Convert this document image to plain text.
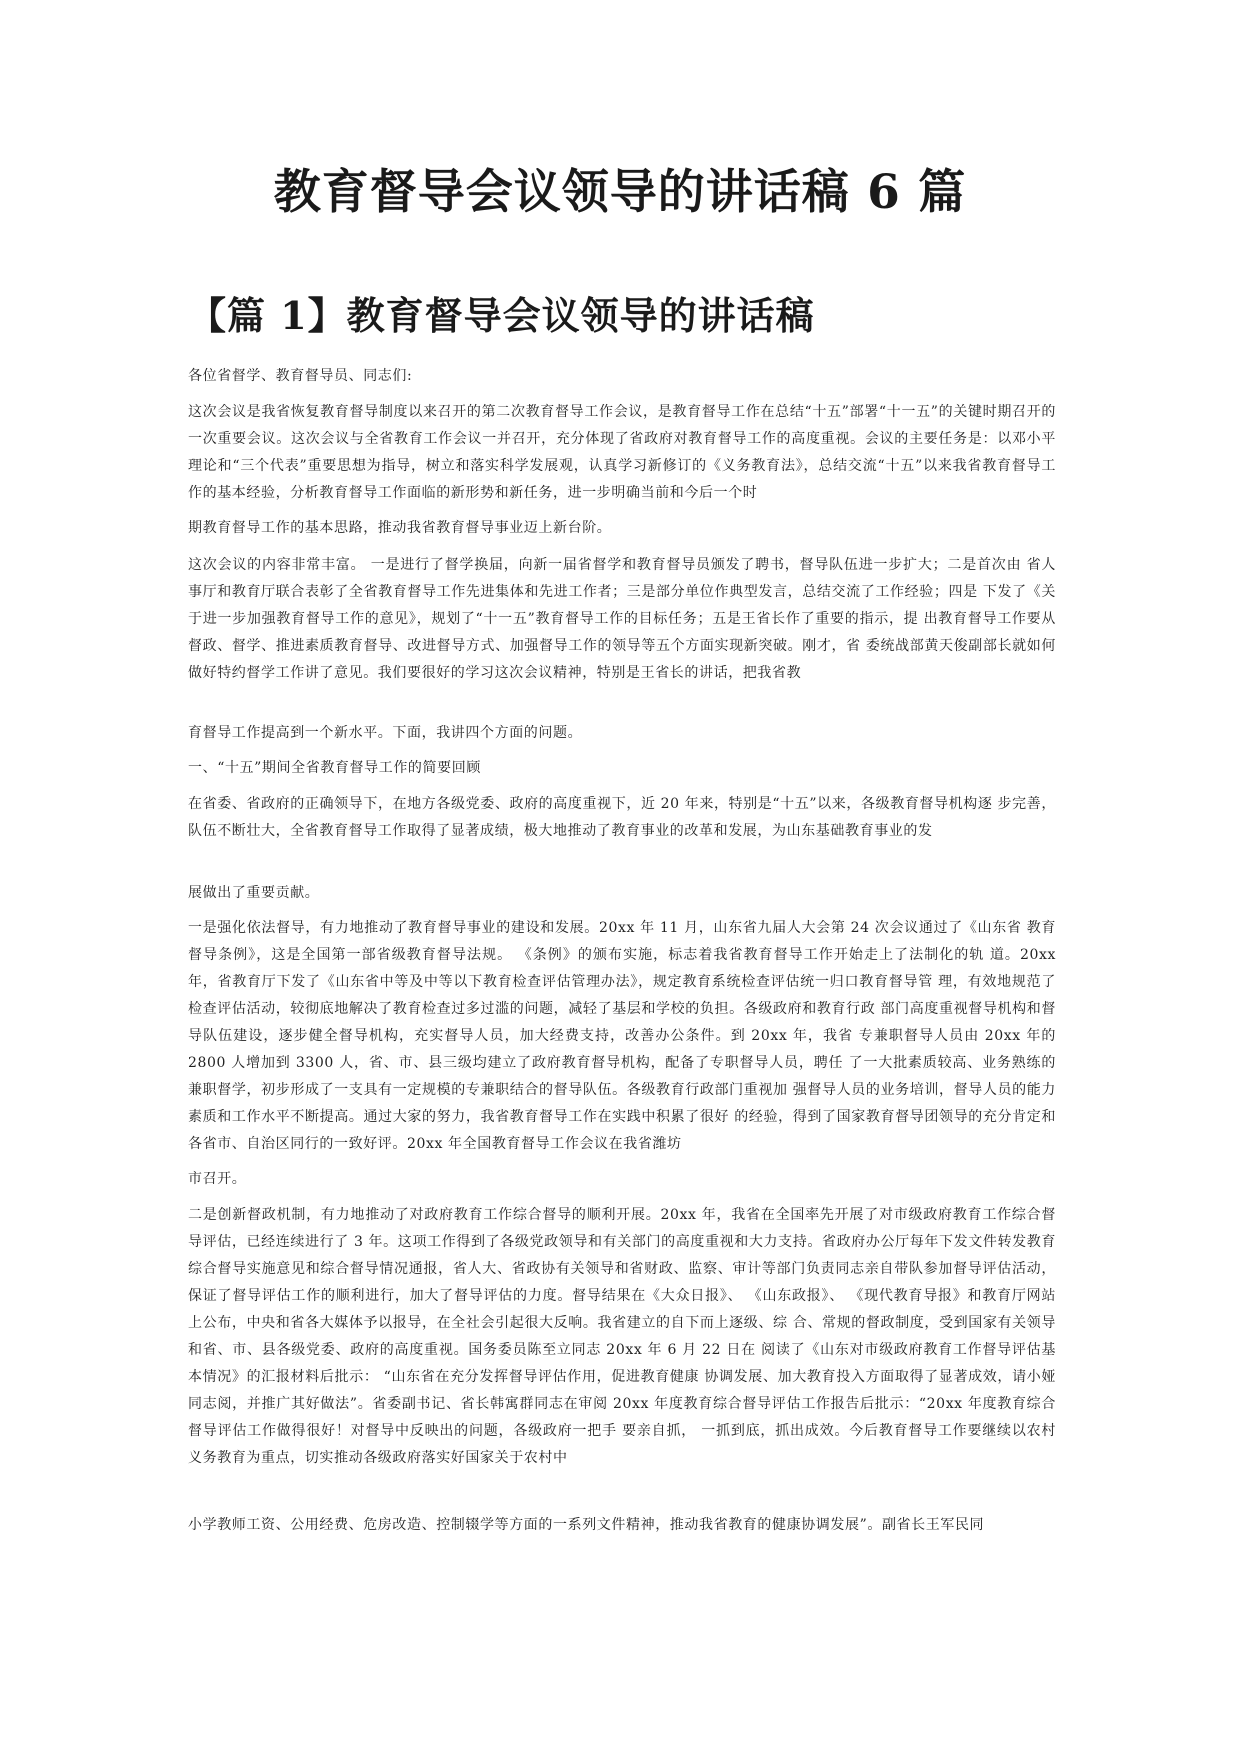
教育督导会议领导的讲话稿 6 篇
【篇 1】教育督导会议领导的讲话稿

各位省督学、教育督导员、同志们:

这次会议是我省恢复教育督导制度以来召开的第二次教育督导工作会议，是教育督导工作在总结“十五”部署“十一五”的关键时期召开的一次重要会议。这次会议与全省教育工作会议一并召开，充分体现了省政府对教育督导工作的高度重视。会议的主要任务是：以邓小平理论和“三个代表”重要思想为指导，树立和落实科学发展观，认真学习新修订的《义务教育法》，总结交流“十五”以来我省教育督导工作的基本经验，分析教育督导工作面临的新形势和新任务，进一步明确当前和今后一个时

期教育督导工作的基本思路，推动我省教育督导事业迈上新台阶。

这次会议的内容非常丰富。 一是进行了督学换届，向新一届省督学和教育督导员颁发了聘书，督导队伍进一步扩大；二是首次由 省人事厅和教育厅联合表彰了全省教育督导工作先进集体和先进工作者；三是部分单位作典型发言，总结交流了工作经验；四是 下发了《关于进一步加强教育督导工作的意见》，规划了“十一五”教育督导工作的目标任务；五是王省长作了重要的指示，提 出教育督导工作要从督政、督学、推进素质教育督导、改进督导方式、加强督导工作的领导等五个方面实现新突破。刚才，省 委统战部黄天俊副部长就如何做好特约督学工作讲了意见。我们要很好的学习这次会议精神，特别是王省长的讲话，把我省教

育督导工作提高到一个新水平。下面，我讲四个方面的问题。

一、“十五”期间全省教育督导工作的简要回顾

在省委、省政府的正确领导下，在地方各级党委、政府的高度重视下，近 20 年来，特别是“十五”以来，各级教育督导机构逐 步完善，队伍不断壮大，全省教育督导工作取得了显著成绩，极大地推动了教育事业的改革和发展，为山东基础教育事业的发

展做出了重要贡献。

一是强化依法督导，有力地推动了教育督导事业的建设和发展。20xx 年 11 月，山东省九届人大会第 24 次会议通过了《山东省 教育督导条例》，这是全国第一部省级教育督导法规。 《条例》的颁布实施，标志着我省教育督导工作开始走上了法制化的轨 道。20xx 年，省教育厅下发了《山东省中等及中等以下教育检查评估管理办法》，规定教育系统检查评估统一归口教育督导管 理，有效地规范了检查评估活动，较彻底地解决了教育检查过多过滥的问题，减轻了基层和学校的负担。各级政府和教育行政 部门高度重视督导机构和督导队伍建设，逐步健全督导机构，充实督导人员，加大经费支持，改善办公条件。到 20xx 年，我省 专兼职督导人员由 20xx 年的 2800 人增加到 3300 人，省、市、县三级均建立了政府教育督导机构，配备了专职督导人员，聘任 了一大批素质较高、业务熟练的兼职督学，初步形成了一支具有一定规模的专兼职结合的督导队伍。各级教育行政部门重视加 强督导人员的业务培训，督导人员的能力素质和工作水平不断提高。通过大家的努力，我省教育督导工作在实践中积累了很好 的经验，得到了国家教育督导团领导的充分肯定和各省市、自治区同行的一致好评。20xx 年全国教育督导工作会议在我省潍坊

市召开。

二是创新督政机制，有力地推动了对政府教育工作综合督导的顺利开展。20xx 年，我省在全国率先开展了对市级政府教育工作综合督导评估，已经连续进行了 3 年。这项工作得到了各级党政领导和有关部门的高度重视和大力支持。省政府办公厅每年下发文件转发教育综合督导实施意见和综合督导情况通报，省人大、省政协有关领导和省财政、监察、审计等部门负责同志亲自带队参加督导评估活动，保证了督导评估工作的顺利进行，加大了督导评估的力度。督导结果在《大众日报》、 《山东政报》、 《现代教育导报》和教育厅网站上公布，中央和省各大媒体予以报导，在全社会引起很大反响。我省建立的自下而上逐级、综 合、常规的督政制度，受到国家有关领导和省、市、县各级党委、政府的高度重视。国务委员陈至立同志 20xx 年 6 月 22 日在 阅读了《山东对市级政府教育工作督导评估基本情况》的汇报材料后批示： “山东省在充分发挥督导评估作用，促进教育健康 协调发展、加大教育投入方面取得了显著成效，请小娅同志阅，并推广其好做法”。省委副书记、省长韩寓群同志在审阅 20xx 年度教育综合督导评估工作报告后批示：“20xx 年度教育综合督导评估工作做得很好！对督导中反映出的问题，各级政府一把手 要亲自抓， 一抓到底，抓出成效。今后教育督导工作要继续以农村义务教育为重点，切实推动各级政府落实好国家关于农村中

小学教师工资、公用经费、危房改造、控制辍学等方面的一系列文件精神，推动我省教育的健康协调发展”。副省长王军民同
